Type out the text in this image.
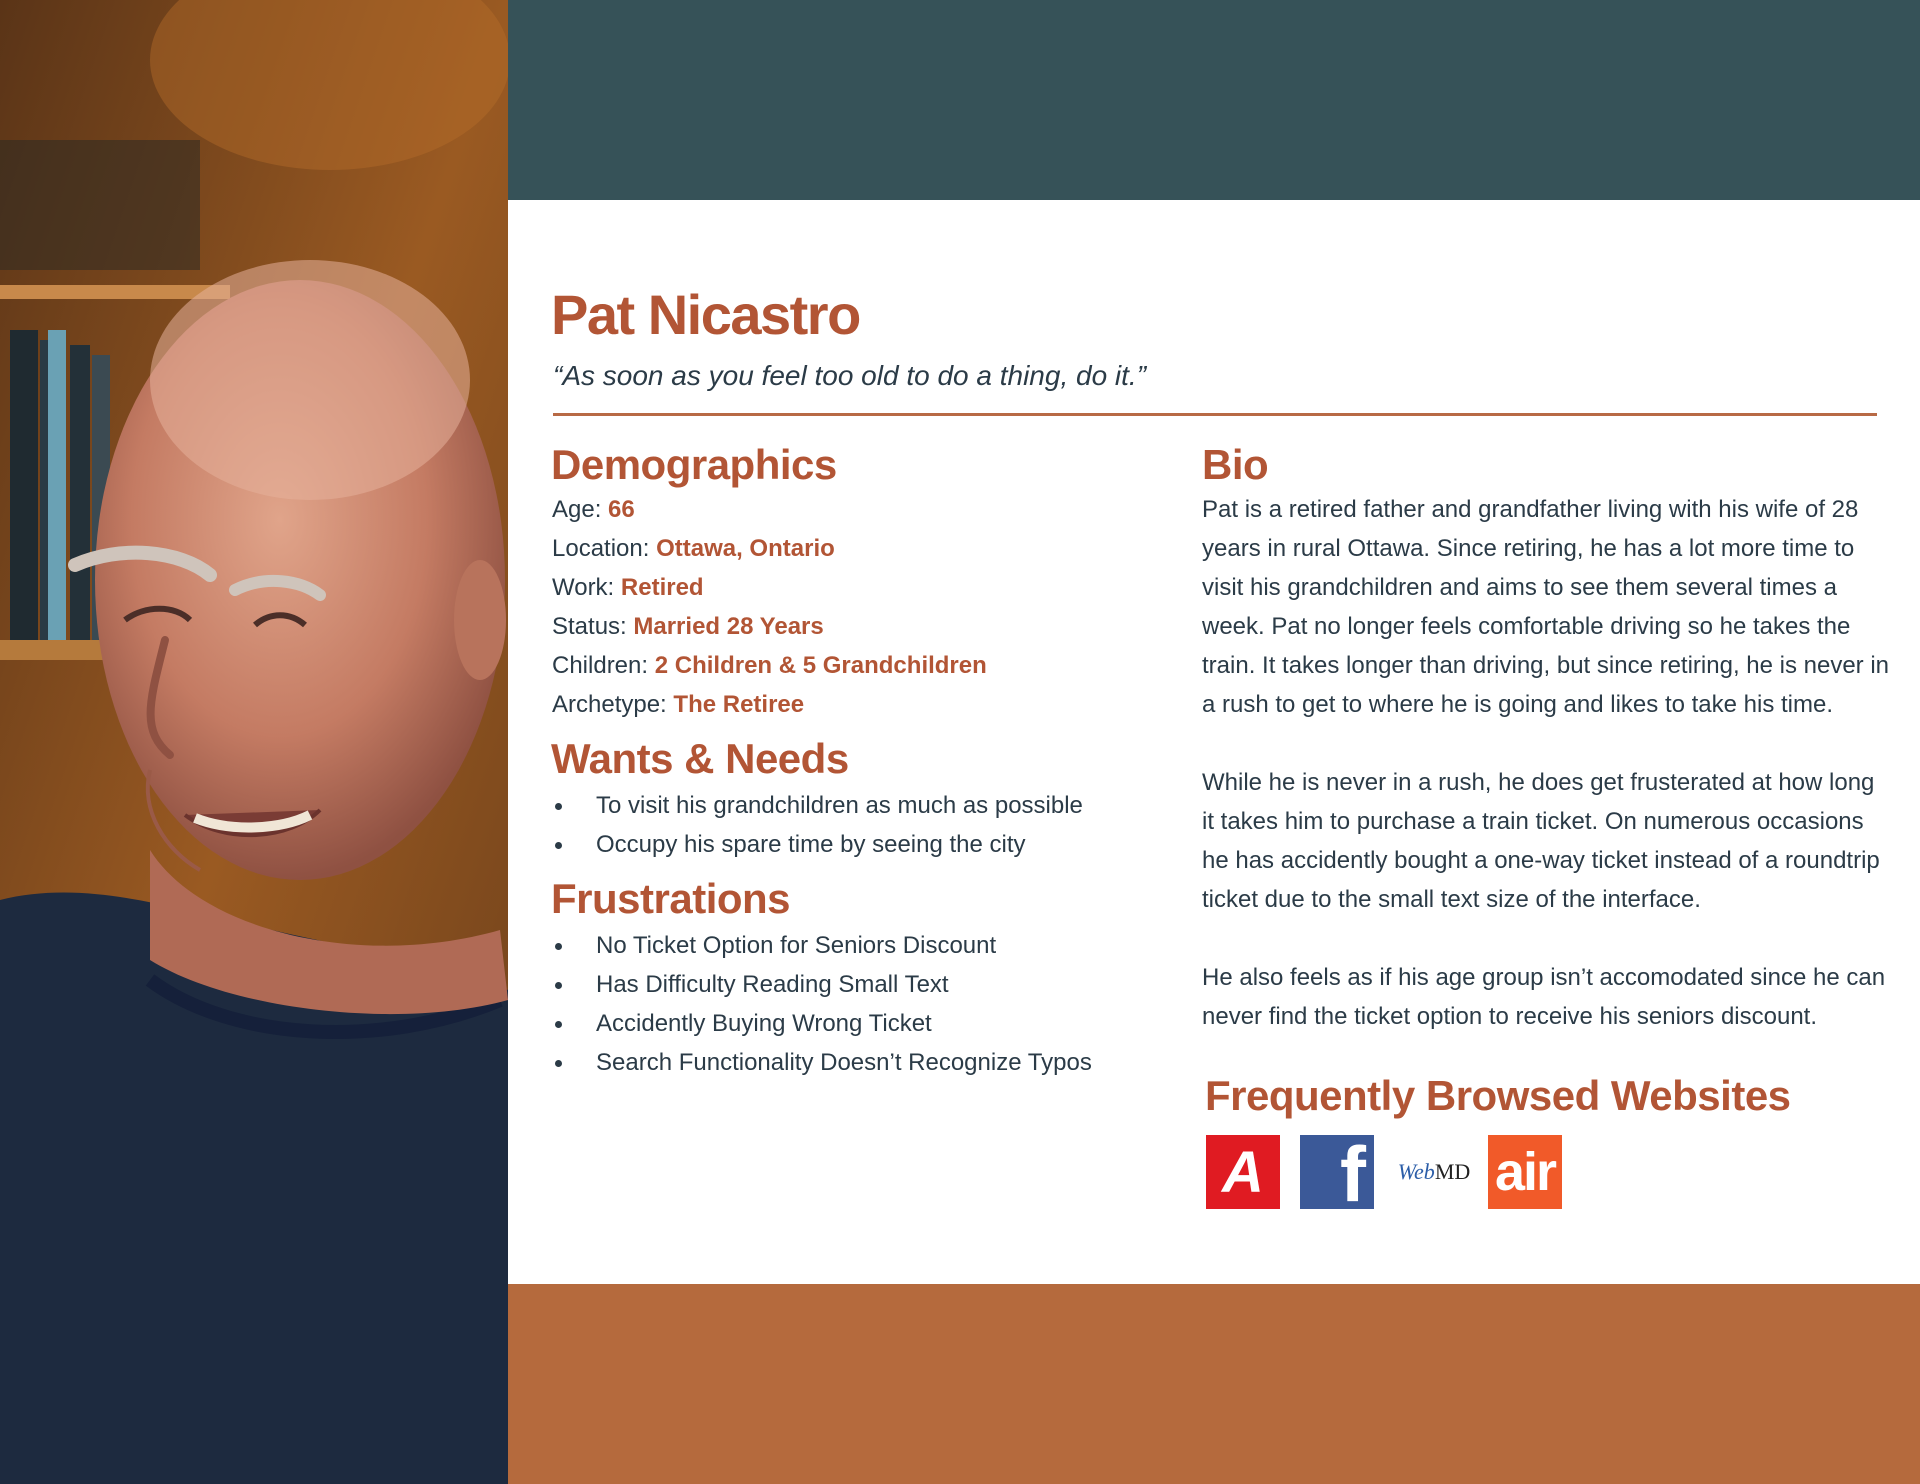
Pat Nicastro

“As soon as you feel too old to do a thing, do it.”

Demographics
Age: 66
Location: Ottawa, Ontario
Work: Retired
Status: Married 28 Years
Children: 2 Children & 5 Grandchildren
Archetype: The Retiree
Wants & Needs
To visit his grandchildren as much as possible
Occupy his spare time by seeing the city
Frustrations
No Ticket Option for Seniors Discount
Has Difficulty Reading Small Text
Accidently Buying Wrong Ticket
Search Functionality Doesn’t Recognize Typos
Bio

Pat is a retired father and grandfather living with his wife of 28 years in rural Ottawa. Since retiring, he has a lot more time to visit his grandchildren and aims to see them several times a week. Pat no longer feels comfortable driving so he takes the train. It takes longer than driving, but since retiring, he is never in a rush to get to where he is going and likes to take his time.

While he is never in a rush, he does get frusterated at how long it takes him to purchase a train ticket. On numerous occasions he has accidently bought a one-way ticket instead of a roundtrip ticket due to the small text size of the interface.

He also feels as if his age group isn’t accomodated since he can never find the ticket option to receive his seniors discount.

Frequently Browsed Websites
A f	Web MD air
